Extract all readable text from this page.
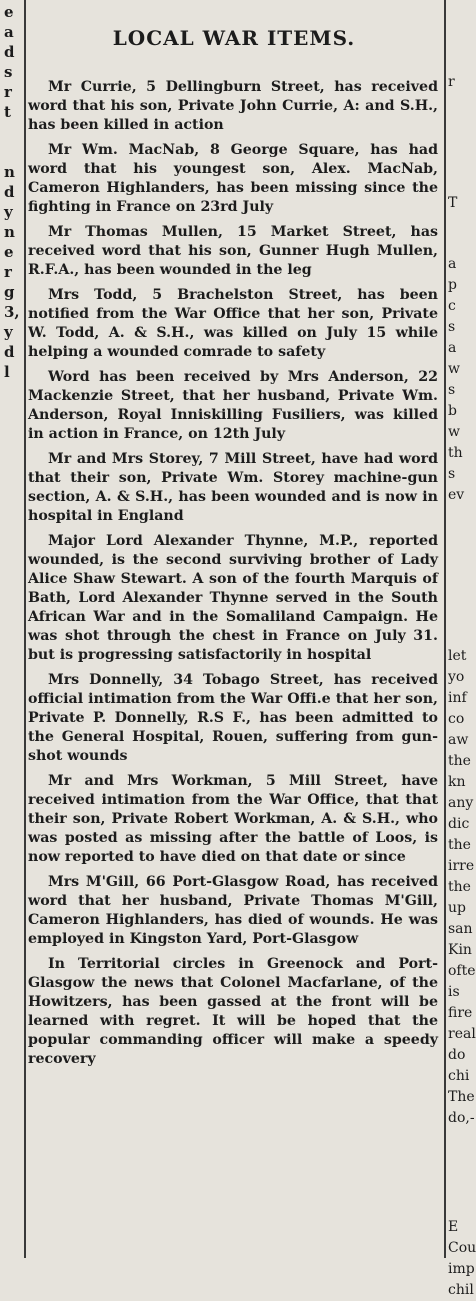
e
a
d
s
r
t
n
d
y
n
e
r
g
3,
y
d
l
LOCAL WAR ITEMS.

Mr Currie, 5 Dellingburn Street, has received word that his son, Private John Currie, A: and S.H., has been killed in action

Mr Wm. MacNab, 8 George Square, has had word that his youngest son, Alex. MacNab, Cameron Highlanders, has been missing since the fighting in France on 23rd July

Mr Thomas Mullen, 15 Market Street, has received word that his son, Gunner Hugh Mullen, R.F.A., has been wounded in the leg

Mrs Todd, 5 Brachelston Street, has been notified from the War Office that her son, Private W. Todd, A. & S.H., was killed on July 15 while helping a wounded comrade to safety

Word has been received by Mrs Anderson, 22 Mackenzie Street, that her husband, Private Wm. Anderson, Royal Inniskilling Fusiliers, was killed in action in France, on 12th July

Mr and Mrs Storey, 7 Mill Street, have had word that their son, Private Wm. Storey machine-gun section, A. & S.H., has been wounded and is now in hospital in England

Major Lord Alexander Thynne, M.P., reported wounded, is the second surviving brother of Lady Alice Shaw Stewart. A son of the fourth Marquis of Bath, Lord Alexander Thynne served in the South African War and in the Somaliland Campaign. He was shot through the chest in France on July 31. but is progressing satisfactorily in hospital

Mrs Donnelly, 34 Tobago Street, has received official intimation from the War Offi.e that her son, Private P. Donnelly, R.S F., has been admitted to the General Hospital, Rouen, suffering from gun-shot wounds

Mr and Mrs Workman, 5 Mill Street, have received intimation from the War Office, that that their son, Private Robert Workman, A. & S.H., who was posted as missing after the battle of Loos, is now reported to have died on that date or since

Mrs M'Gill, 66 Port-Glasgow Road, has received word that her husband, Private Thomas M'Gill, Cameron Highlanders, has died of wounds. He was employed in Kingston Yard, Port-Glasgow

In Territorial circles in Greenock and Port-Glasgow the news that Colonel Macfarlane, of the Howitzers, has been gassed at the front will be learned with regret. It will be hoped that the popular commanding officer will make a speedy recovery

r
T
a
p
c
s
a
w
s
b
w
th
s
ev
let
yo
inf
co
aw
the
kn
any
dic
the
irre
the
up
san
Kin
ofte
is
fire
real
do
chi
The
do,-
E
Cou
imp
chil
